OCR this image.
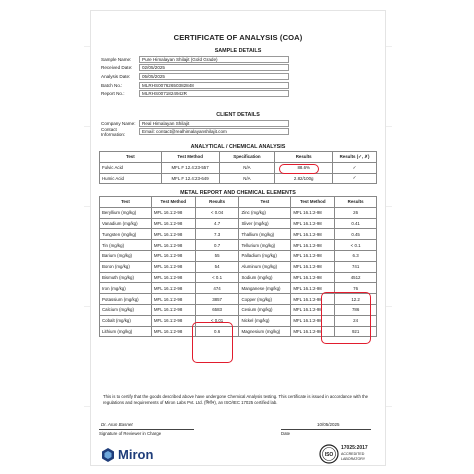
CERTIFICATE OF ANALYSIS (COA)
SAMPLE DETAILS
Sample Name:	Pure Himalayan Shilajit (Gold Grade)
Received Date:	02/05/2025
Analysis Date:	05/05/2025
Batch No.:	MLRHS00762650382848
Report No.:	MLRHS0071824942R
CLIENT DETAILS
Company Name:	Real Himalayan Shilajit
Contact Information:	Email: contact@realhimalayanshilajit.com
ANALYTICAL / CHEMICAL ANALYSIS
Test	Test Method	Specification	Results	Results (✓, ✗)
Fulvic Acid	MFL F 12.4:23-557	N/A	88.6%	✓
Humic Acid	MFL F 12.4:23-649	N/A	2.82/100g	✓
METAL REPORT AND CHEMICAL ELEMENTS
Test	Test Method	Results	Test	Test Method	Results
Beryllium (mg/kg)	MFL 16.1:2-98	< 0.04	Zinc (mg/kg)	MFL 16.1:2-98	26
Vanadium (mg/kg)	MFL 16.1:2-98	4.7	Sliver (mg/kg)	MFL 16.1:2-98	0.41
Tungsten (mg/kg)	MFL 16.1:2-98	7.3	Thallium (mg/kg)	MFL 16.1:2-98	0.45
Tin (mg/kg)	MFL 16.1:2-98	0.7	Tellurium (mg/kg)	MFL 16.1:2-98	< 0.1
Barium (mg/kg)	MFL 16.1:2-98	55	Palladium (mg/kg)	MFL 16.1:2-98	6.3
Boron (mg/kg)	MFL 16.1:2-98	54	Aluminum (mg/kg)	MFL 16.1:2-98	741
Bismuth (mg/kg)	MFL 16.1:2-98	< 0.1	Sodium (mg/kg)	MFL 16.1:2-98	4512
Iron (mg/kg)	MFL 16.1:2-98	474	Manganese (mg/kg)	MFL 16.1:2-98	76
Potassium (mg/kg)	MFL 16.1:2-98	3857	Copper (mg/kg)	MFL 16.1:2-98	12.2
Calcium (mg/kg)	MFL 16.1:2-98	6583	Cesium (mg/kg)	MFL 16.1:2-98	786
Cobalt (mg/kg)	MFL 16.1:2-98	< 0.01	Nickel (mg/kg)	MFL 16.1:2-98	24
Lithium (mg/kg)	MFL 16.1:2-98	0.6	Magnesium (mg/kg)	MFL 16.1:2-98	921
This is to certify that the goods described above have undergone Chemical Analysis testing. This certificate is issued in accordance with the regulations and requirements of Miron Labs Pvt. Ltd. (मिरॉन), an ISO/IEC 17025 certified lab.
Dr. Arun Basnet
Signature of Reviewer in Charge
10/05/2025
Date
Miron	ISO
17025:2017
ACCREDITED
LABORATORY
